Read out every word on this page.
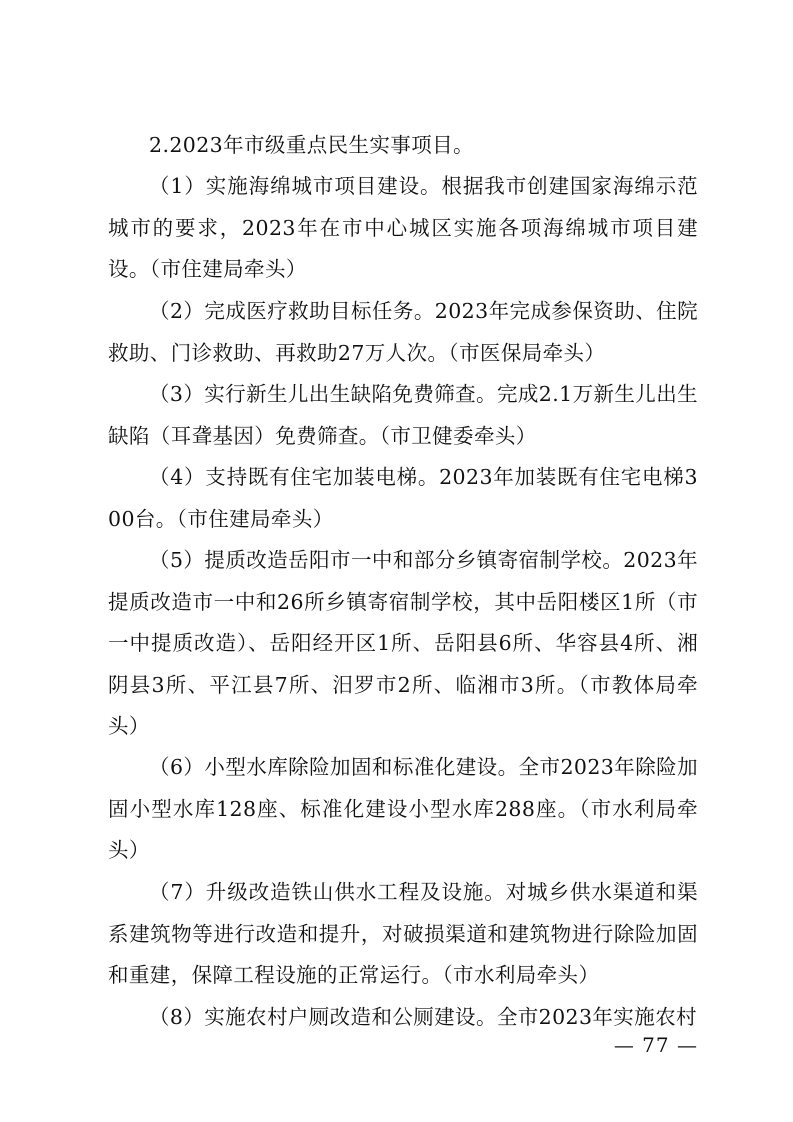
2.2023年市级重点民生实事项目。

（1）实施海绵城市项目建设。根据我市创建国家海绵示范城市的要求，2023年在市中心城区实施各项海绵城市项目建设。（市住建局牵头）

（2）完成医疗救助目标任务。2023年完成参保资助、住院救助、门诊救助、再救助27万人次。（市医保局牵头）

（3）实行新生儿出生缺陷免费筛查。完成2.1万新生儿出生缺陷（耳聋基因）免费筛查。（市卫健委牵头）

（4）支持既有住宅加装电梯。2023年加装既有住宅电梯300台。（市住建局牵头）

（5）提质改造岳阳市一中和部分乡镇寄宿制学校。2023年提质改造市一中和26所乡镇寄宿制学校，其中岳阳楼区1所（市一中提质改造）、岳阳经开区1所、岳阳县6所、华容县4所、湘阴县3所、平江县7所、汨罗市2所、临湘市3所。（市教体局牵头）

（6）小型水库除险加固和标准化建设。全市2023年除险加固小型水库128座、标准化建设小型水库288座。（市水利局牵头）

（7）升级改造铁山供水工程及设施。对城乡供水渠道和渠系建筑物等进行改造和提升，对破损渠道和建筑物进行除险加固和重建，保障工程设施的正常运行。（市水利局牵头）

（8）实施农村户厕改造和公厕建设。全市2023年实施农村

— 77 —
